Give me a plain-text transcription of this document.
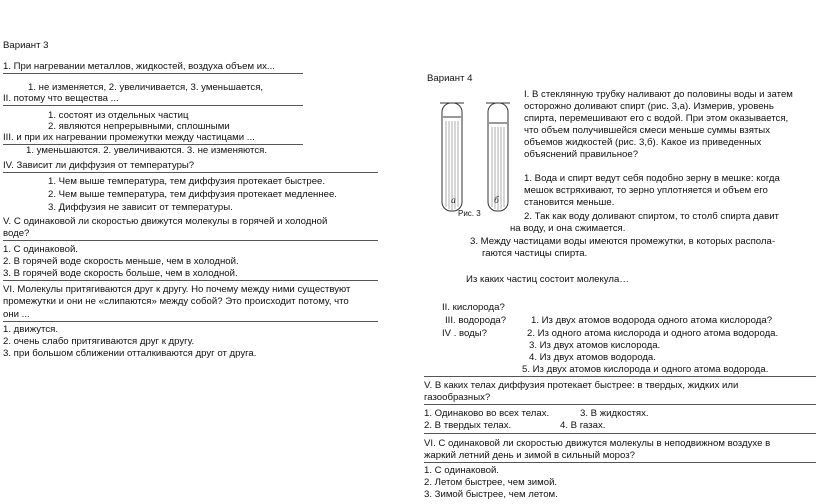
Вариант 3
1. При нагревании металлов, жидкостей, воздуха объем их...
1. не изменяется, 2. увеличивается, 3. уменьшается,
II. потому что вещества ...
1. состоят из отдельных частиц
2. являются непрерывными, сплошными
III. и при их нагревании промежутки между частицами ...
1. уменьшаются. 2. увеличиваются. 3. не изменяются.
IV. Зависит ли диффузия от температуры?
1. Чем выше температура, тем диффузия протекает быстрее.
2. Чем выше температура, тем диффузия протекает медленнее.
3. Диффузия не зависит от температуры.
V. С одинаковой ли скоростью движутся молекулы в горячей и холодной
воде?
1. С одинаковой.
2. В горячей воде скорость меньше, чем в холодной.
3. В горячей воде скорость больше, чем в холодной.
VI. Молекулы притягиваются друг к другу. Но почему между ними существуют
промежутки и они не «слипаются» между собой? Это происходит потому, что
они ...
1. движутся.
2. очень слабо притягиваются друг к другу.
3. при большом сближении отталкиваются друг от друга.
Вариант 4
а	б
Рис. 3
I. В стеклянную трубку наливают до половины воды и затем
осторожно доливают спирт (рис. 3,а). Измерив, уровень
спирта, перемешивают его с водой. При этом оказывается,
что объем получившейся смеси меньше суммы взятых
объемов жидкостей (рис. 3,б). Какое из приведенных
объяснений правильное?
1. Вода и спирт ведут себя подобно зерну в мешке: когда
мешок встряхивают, то зерно уплотняется и объем его
становится меньше.
2. Так как воду доливают спиртом, то столб спирта давит
на воду, и она сжимается.
3. Между частицами воды имеются промежутки, в которых распола-
гаются частицы спирта.
Из каких частиц состоит молекула…
II. кислорода?
III. водорода?
IV . воды?
1. Из двух атомов водорода одного атома кислорода?
2. Из одного атома кислорода и одного атома водорода.
3. Из двух атомов кислорода.
4. Из двух атомов водорода.
5. Из двух атомов кислорода и одного атома водорода.
V. В каких телах диффузия протекает быстрее: в твердых, жидких или
газообразных?
1. Одинаково во всех телах.	3. В жидкостях.
2. В твердых телах.	4. В газах.
VI. С одинаковой ли скоростью движутся молекулы в неподвижном воздухе в
жаркий летний день и зимой в сильный мороз?
1. С одинаковой.
2. Летом быстрее, чем зимой.
3. Зимой быстрее, чем летом.
